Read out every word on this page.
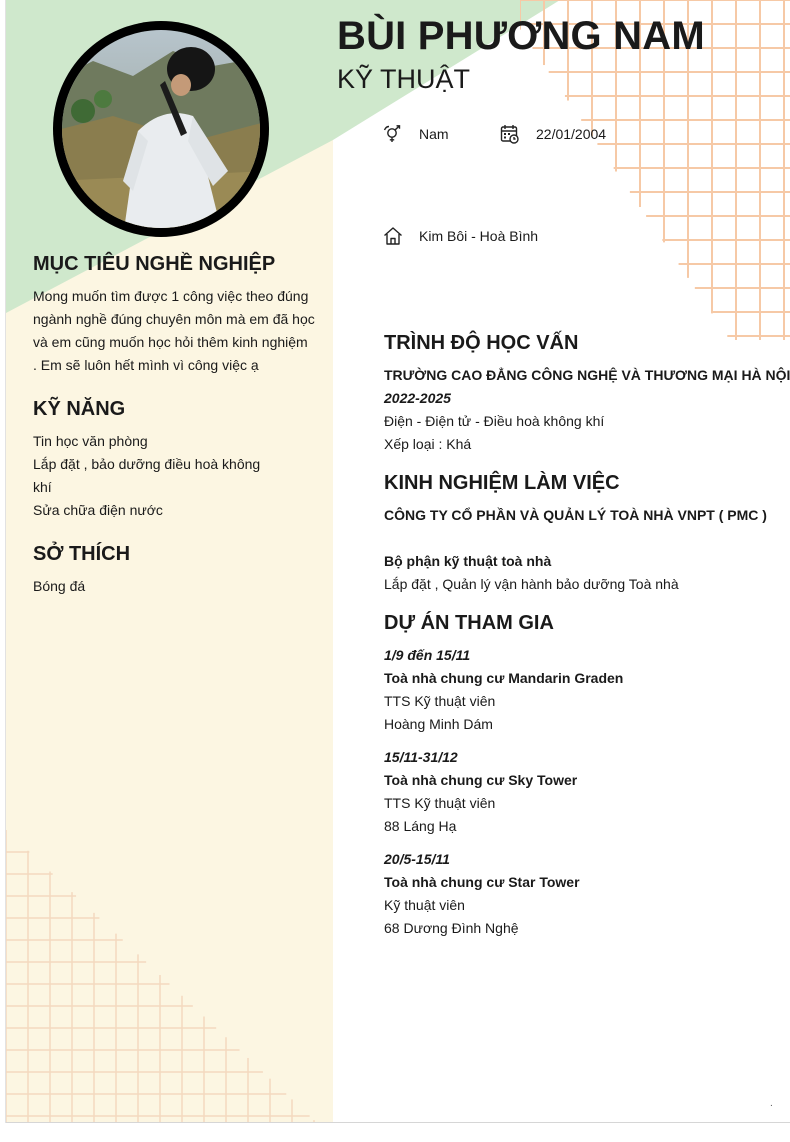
BÙI PHƯƠNG NAM
KỸ THUẬT
Nam	22/01/2004
Kim Bôi - Hoà Bình
MỤC TIÊU NGHỀ NGHIỆP
Mong muốn tìm được 1 công việc theo đúng
ngành nghề đúng chuyên môn mà em đã học
và em cũng muốn học hỏi thêm kinh nghiệm
. Em sẽ luôn hết mình vì công việc ạ
KỸ NĂNG
Tin học văn phòng
Lắp đặt , bảo dưỡng điều hoà không
khí
Sửa chữa điện nước
SỞ THÍCH
Bóng đá
TRÌNH ĐỘ HỌC VẤN
TRƯỜNG CAO ĐẲNG CÔNG NGHỆ VÀ THƯƠNG MẠI HÀ NỘI
2022-2025
Điện - Điện tử - Điều hoà không khí
Xếp loại : Khá
KINH NGHIỆM LÀM VIỆC
CÔNG TY CỔ PHẦN VÀ QUẢN LÝ TOÀ NHÀ VNPT ( PMC )
Bộ phận kỹ thuật toà nhà
Lắp đặt , Quản lý vận hành bảo dưỡng Toà nhà
DỰ ÁN THAM GIA
1/9 đến 15/11
Toà nhà chung cư Mandarin Graden
TTS Kỹ thuật viên
Hoàng Minh Dám
15/11-31/12
Toà nhà chung cư Sky Tower
TTS Kỹ thuật viên
88 Láng Hạ
20/5-15/11
Toà nhà chung cư Star Tower
Kỹ thuật viên
68 Dương Đình Nghệ
.
